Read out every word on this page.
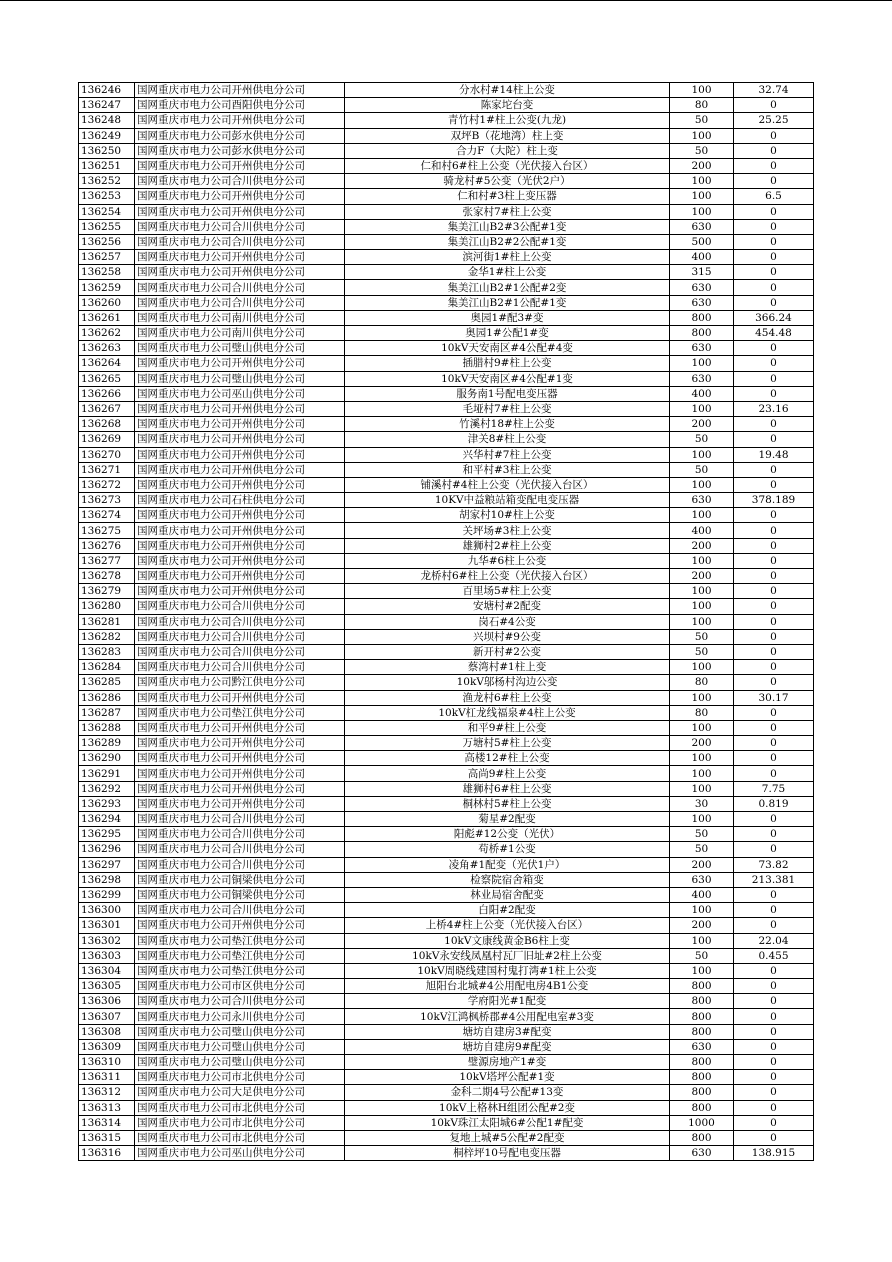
136246	国网重庆市电力公司开州供电分公司	分水村#14柱上公变	100	32.74
136247	国网重庆市电力公司酉阳供电分公司	陈家坨台变	80	0
136248	国网重庆市电力公司开州供电分公司	青竹村1#柱上公变(九龙)	50	25.25
136249	国网重庆市电力公司彭水供电分公司	双坪B（花地湾）柱上变	100	0
136250	国网重庆市电力公司彭水供电分公司	合力F（大陀）柱上变	50	0
136251	国网重庆市电力公司开州供电分公司	仁和村6#柱上公变（光伏接入台区）	200	0
136252	国网重庆市电力公司合川供电分公司	骑龙村#5公变（光伏2户）	100	0
136253	国网重庆市电力公司开州供电分公司	仁和村#3柱上变压器	100	6.5
136254	国网重庆市电力公司开州供电分公司	张家村7#柱上公变	100	0
136255	国网重庆市电力公司合川供电分公司	集美江山B2#3公配#1变	630	0
136256	国网重庆市电力公司合川供电分公司	集美江山B2#2公配#1变	500	0
136257	国网重庆市电力公司开州供电分公司	滨河街1#柱上公变	400	0
136258	国网重庆市电力公司开州供电分公司	金华1#柱上公变	315	0
136259	国网重庆市电力公司合川供电分公司	集美江山B2#1公配#2变	630	0
136260	国网重庆市电力公司合川供电分公司	集美江山B2#1公配#1变	630	0
136261	国网重庆市电力公司南川供电分公司	奥园1#配3#变	800	366.24
136262	国网重庆市电力公司南川供电分公司	奥园1#公配1#变	800	454.48
136263	国网重庆市电力公司璧山供电分公司	10kV天安南区#4公配#4变	630	0
136264	国网重庆市电力公司开州供电分公司	插腊村9#柱上公变	100	0
136265	国网重庆市电力公司璧山供电分公司	10kV天安南区#4公配#1变	630	0
136266	国网重庆市电力公司巫山供电分公司	服务南1号配电变压器	400	0
136267	国网重庆市电力公司开州供电分公司	毛垭村7#柱上公变	100	23.16
136268	国网重庆市电力公司开州供电分公司	竹溪村18#柱上公变	200	0
136269	国网重庆市电力公司开州供电分公司	津关8#柱上公变	50	0
136270	国网重庆市电力公司开州供电分公司	兴华村#7柱上公变	100	19.48
136271	国网重庆市电力公司开州供电分公司	和平村#3柱上公变	50	0
136272	国网重庆市电力公司开州供电分公司	铺溪村#4柱上公变（光伏接入台区）	100	0
136273	国网重庆市电力公司石柱供电分公司	10KV中益粮站箱变配电变压器	630	378.189
136274	国网重庆市电力公司开州供电分公司	胡家村10#柱上公变	100	0
136275	国网重庆市电力公司开州供电分公司	关坪场#3柱上公变	400	0
136276	国网重庆市电力公司开州供电分公司	雄狮村2#柱上公变	200	0
136277	国网重庆市电力公司开州供电分公司	九华#6柱上公变	100	0
136278	国网重庆市电力公司开州供电分公司	龙桥村6#柱上公变（光伏接入台区）	200	0
136279	国网重庆市电力公司开州供电分公司	百里场5#柱上公变	100	0
136280	国网重庆市电力公司合川供电分公司	安塘村#2配变	100	0
136281	国网重庆市电力公司合川供电分公司	岗石#4公变	100	0
136282	国网重庆市电力公司合川供电分公司	兴坝村#9公变	50	0
136283	国网重庆市电力公司合川供电分公司	新开村#2公变	50	0
136284	国网重庆市电力公司合川供电分公司	蔡湾村#1柱上变	100	0
136285	国网重庆市电力公司黔江供电分公司	10kV邬杨村沟边公变	80	0
136286	国网重庆市电力公司开州供电分公司	渔龙村6#柱上公变	100	30.17
136287	国网重庆市电力公司垫江供电分公司	10kV杠龙线福泉#4柱上公变	80	0
136288	国网重庆市电力公司开州供电分公司	和平9#柱上公变	100	0
136289	国网重庆市电力公司开州供电分公司	万塘村5#柱上公变	200	0
136290	国网重庆市电力公司开州供电分公司	高楼12#柱上公变	100	0
136291	国网重庆市电力公司开州供电分公司	高尚9#柱上公变	100	0
136292	国网重庆市电力公司开州供电分公司	雄狮村6#柱上公变	100	7.75
136293	国网重庆市电力公司开州供电分公司	桐林村5#柱上公变	30	0.819
136294	国网重庆市电力公司合川供电分公司	菊星#2配变	100	0
136295	国网重庆市电力公司合川供电分公司	阳彪#12公变（光伏）	50	0
136296	国网重庆市电力公司合川供电分公司	苟桥#1公变	50	0
136297	国网重庆市电力公司合川供电分公司	凌角#1配变（光伏1户）	200	73.82
136298	国网重庆市电力公司铜梁供电分公司	检察院宿舍箱变	630	213.381
136299	国网重庆市电力公司铜梁供电分公司	林业局宿舍配变	400	0
136300	国网重庆市电力公司合川供电分公司	白阳#2配变	100	0
136301	国网重庆市电力公司开州供电分公司	上桥4#柱上公变（光伏接入台区）	200	0
136302	国网重庆市电力公司垫江供电分公司	10kV文康线黄金B6柱上变	100	22.04
136303	国网重庆市电力公司垫江供电分公司	10kV永安线凤凰村瓦厂旧址#2柱上公变	50	0.455
136304	国网重庆市电力公司垫江供电分公司	10kV周晓线建国村鬼打湾#1柱上公变	100	0
136305	国网重庆市电力公司市区供电分公司	旭阳台北城#4公用配电房4B1公变	800	0
136306	国网重庆市电力公司合川供电分公司	学府阳光#1配变	800	0
136307	国网重庆市电力公司永川供电分公司	10kV江鸿枫桥郡#4公用配电室#3变	800	0
136308	国网重庆市电力公司璧山供电分公司	塘坊自建房3#配变	800	0
136309	国网重庆市电力公司璧山供电分公司	塘坊自建房9#配变	630	0
136310	国网重庆市电力公司璧山供电分公司	璧源房地产1#变	800	0
136311	国网重庆市电力公司市北供电分公司	10kV塔坪公配#1变	800	0
136312	国网重庆市电力公司大足供电分公司	金科二期4号公配#13变	800	0
136313	国网重庆市电力公司市北供电分公司	10kV上格林H组团公配#2变	800	0
136314	国网重庆市电力公司市北供电分公司	10kV珠江太阳城6#公配1#配变	1000	0
136315	国网重庆市电力公司市北供电分公司	复地上城#5公配#2配变	800	0
136316	国网重庆市电力公司巫山供电分公司	桐梓坪10号配电变压器	630	138.915
